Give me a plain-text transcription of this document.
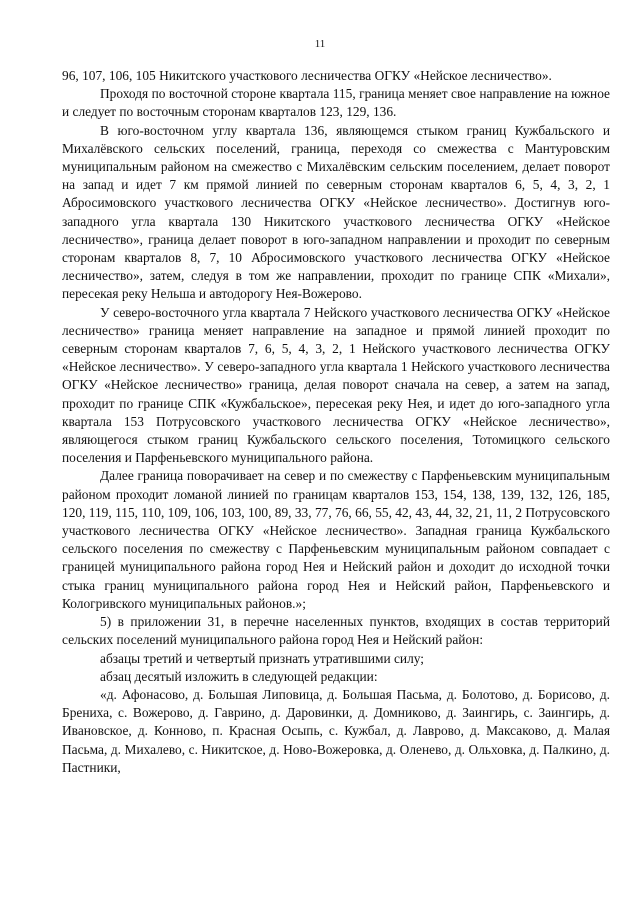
11

96, 107, 106, 105 Никитского участкового лесничества ОГКУ «Нейское лесничество».

Проходя по восточной стороне квартала 115, граница меняет свое направление на южное и следует по восточным сторонам кварталов 123, 129, 136.

В юго-восточном углу квартала 136, являющемся стыком границ Кужбальского и Михалёвского сельских поселений, граница, переходя со смежества с Мантуровским муниципальным районом на смежество с Михалёвским сельским поселением, делает поворот на запад и идет 7 км прямой линией по северным сторонам кварталов 6, 5, 4, 3, 2, 1 Абросимовского участкового лесничества ОГКУ «Нейское лесничество». Достигнув юго-западного угла квартала 130 Никитского участкового лесничества ОГКУ «Нейское лесничество», граница делает поворот в юго-западном направлении и проходит по северным сторонам кварталов 8, 7, 10 Абросимовского участкового лесничества ОГКУ «Нейское лесничество», затем, следуя в том же направлении, проходит по границе СПК «Михали», пересекая реку Нельша и автодорогу Нея-Вожерово.

У северо-восточного угла квартала 7 Нейского участкового лесничества ОГКУ «Нейское лесничество» граница меняет направление на западное и прямой линией проходит по северным сторонам кварталов 7, 6, 5, 4, 3, 2, 1 Нейского участкового лесничества ОГКУ «Нейское лесничество». У северо-западного угла квартала 1 Нейского участкового лесничества ОГКУ «Нейское лесничество» граница, делая поворот сначала на север, а затем на запад, проходит по границе СПК «Кужбальское», пересекая реку Нея, и идет до юго-западного угла квартала 153 Потрусовского участкового лесничества ОГКУ «Нейское лесничество», являющегося стыком границ Кужбальского сельского поселения, Тотомицкого сельского поселения и Парфеньевского муниципального района.

Далее граница поворачивает на север и по смежеству с Парфеньевским муниципальным районом проходит ломаной линией по границам кварталов 153, 154, 138, 139, 132, 126, 185, 120, 119, 115, 110, 109, 106, 103, 100, 89, 33, 77, 76, 66, 55, 42, 43, 44, 32, 21, 11, 2 Потрусовского участкового лесничества ОГКУ «Нейское лесничество». Западная граница Кужбальского сельского поселения по смежеству с Парфеньевским муниципальным районом совпадает с границей муниципального района город Нея и Нейский район и доходит до исходной точки стыка границ муниципального района город Нея и Нейский район, Парфеньевского и Кологривского муниципальных районов.»;

5) в приложении 31, в перечне населенных пунктов, входящих в состав территорий сельских поселений муниципального района город Нея и Нейский район:

абзацы третий и четвертый признать утратившими силу;

абзац десятый изложить в следующей редакции:

«д. Афонасово, д. Большая Липовица, д. Большая Пасьма, д. Болотово, д. Борисово, д. Брениха, с. Вожерово, д. Гаврино, д. Даровинки, д. Домниково, д. Заингирь, с. Заингирь, д. Ивановское, д. Конново, п. Красная Осыпь, с. Кужбал, д. Лаврово, д. Максаково, д. Малая Пасьма, д. Михалево, с. Никитское, д. Ново-Вожеровка, д. Оленево, д. Ольховка, д. Палкино, д. Пастники,
